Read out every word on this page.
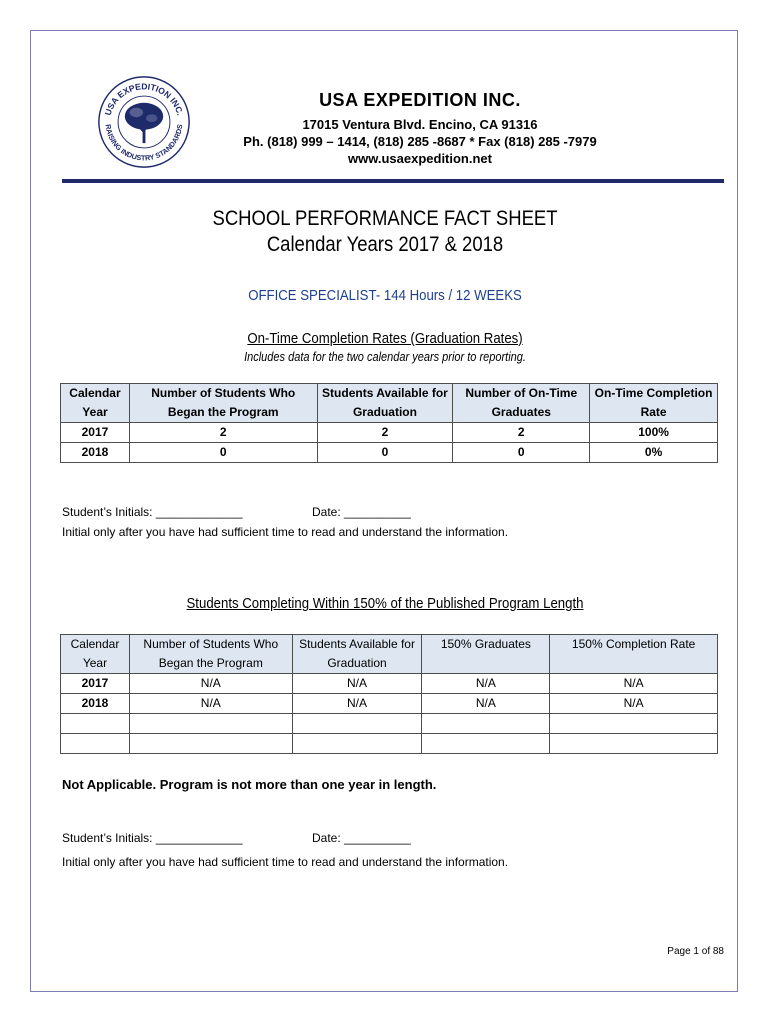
USA EXPEDITION INC.
RAISING INDUSTRY STANDARDS
USA EXPEDITION INC.
17015 Ventura Blvd. Encino, CA 91316
Ph. (818) 999 – 1414, (818) 285 -8687 * Fax (818) 285 -7979
www.usaexpedition.net
SCHOOL PERFORMANCE FACT SHEET
Calendar Years 2017 & 2018
OFFICE SPECIALIST- 144 Hours / 12 WEEKS
On-Time Completion Rates (Graduation Rates)
Includes data for the two calendar years prior to reporting.
Calendar Year	Number of Students Who Began the Program	Students Available for Graduation	Number of On-Time Graduates	On-Time Completion Rate
2017	2	2	2	100%
2018	0	0	0	0%
Student’s Initials: _____________	Date: __________
Initial only after you have had sufficient time to read and understand the information.
Students Completing Within 150% of the Published Program Length
Calendar Year	Number of Students Who Began the Program	Students Available for Graduation	150% Graduates	150% Completion Rate
2017	N/A	N/A	N/A	N/A
2018	N/A	N/A	N/A	N/A

Not Applicable. Program is not more than one year in length.
Student’s Initials: _____________	Date: __________
Initial only after you have had sufficient time to read and understand the information.
Page 1 of 88
